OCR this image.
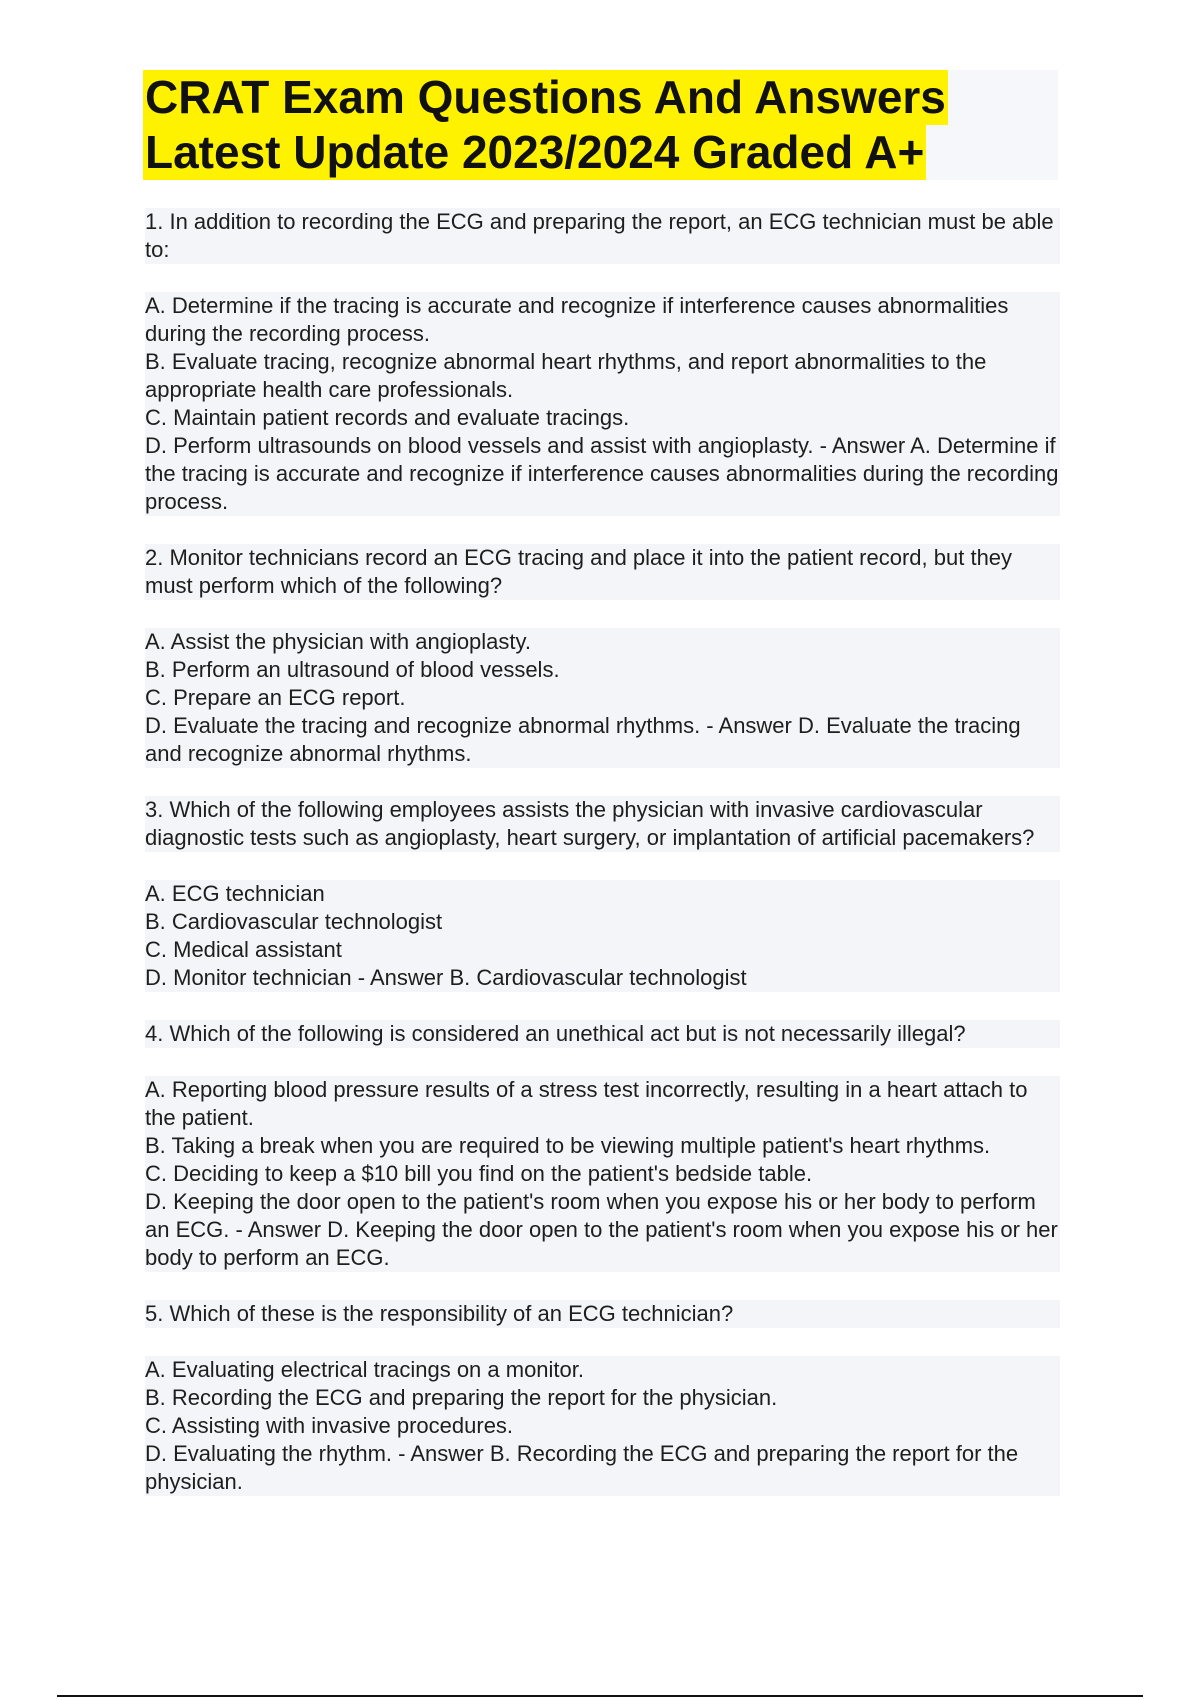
CRAT Exam Questions And Answers
Latest Update 2023/2024 Graded A+

1. In addition to recording the ECG and preparing the report, an ECG technician must be able to:

A. Determine if the tracing is accurate and recognize if interference causes abnormalities during the recording process.

B. Evaluate tracing, recognize abnormal heart rhythms, and report abnormalities to the appropriate health care professionals.

C. Maintain patient records and evaluate tracings.

D. Perform ultrasounds on blood vessels and assist with angioplasty. - Answer A. Determine if the tracing is accurate and recognize if interference causes abnormalities during the recording process.

2. Monitor technicians record an ECG tracing and place it into the patient record, but they must perform which of the following?

A. Assist the physician with angioplasty.

B. Perform an ultrasound of blood vessels.

C. Prepare an ECG report.

D. Evaluate the tracing and recognize abnormal rhythms. - Answer D. Evaluate the tracing and recognize abnormal rhythms.

3. Which of the following employees assists the physician with invasive cardiovascular diagnostic tests such as angioplasty, heart surgery, or implantation of artificial pacemakers?

A. ECG technician

B. Cardiovascular technologist

C. Medical assistant

D. Monitor technician - Answer B. Cardiovascular technologist

4. Which of the following is considered an unethical act but is not necessarily illegal?

A. Reporting blood pressure results of a stress test incorrectly, resulting in a heart attach to the patient.

B. Taking a break when you are required to be viewing multiple patient's heart rhythms.

C. Deciding to keep a $10 bill you find on the patient's bedside table.

D. Keeping the door open to the patient's room when you expose his or her body to perform an ECG. - Answer D. Keeping the door open to the patient's room when you expose his or her body to perform an ECG.

5. Which of these is the responsibility of an ECG technician?

A. Evaluating electrical tracings on a monitor.

B. Recording the ECG and preparing the report for the physician.

C. Assisting with invasive procedures.

D. Evaluating the rhythm. - Answer B. Recording the ECG and preparing the report for the physician.
